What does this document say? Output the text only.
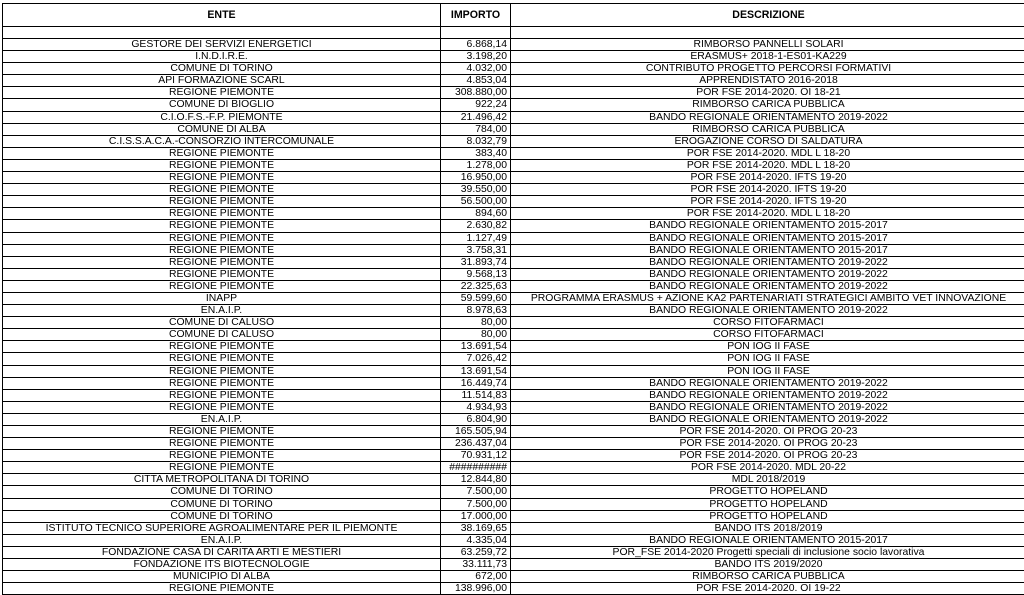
ENTE	IMPORTO	DESCRIZIONE

GESTORE DEI SERVIZI ENERGETICI	6.868,14	RIMBORSO PANNELLI SOLARI
I.N.D.I.R.E.	3.198,20	ERASMUS+ 2018-1-ES01-KA229
COMUNE DI TORINO	4.032,00	CONTRIBUTO PROGETTO PERCORSI FORMATIVI
API FORMAZIONE SCARL	4.853,04	APPRENDISTATO 2016-2018
REGIONE PIEMONTE	308.880,00	POR FSE 2014-2020. OI 18-21
COMUNE DI BIOGLIO	922,24	RIMBORSO CARICA PUBBLICA
C.I.O.F.S.-F.P. PIEMONTE	21.496,42	BANDO REGIONALE ORIENTAMENTO 2019-2022
COMUNE DI ALBA	784,00	RIMBORSO CARICA PUBBLICA
C.I.S.S.A.C.A.-CONSORZIO INTERCOMUNALE	8.032,79	EROGAZIONE CORSO DI SALDATURA
REGIONE PIEMONTE	383,40	POR FSE 2014-2020. MDL L 18-20
REGIONE PIEMONTE	1.278,00	POR FSE 2014-2020. MDL L 18-20
REGIONE PIEMONTE	16.950,00	POR FSE 2014-2020. IFTS 19-20
REGIONE PIEMONTE	39.550,00	POR FSE 2014-2020. IFTS 19-20
REGIONE PIEMONTE	56.500,00	POR FSE 2014-2020. IFTS 19-20
REGIONE PIEMONTE	894,60	POR FSE 2014-2020. MDL L 18-20
REGIONE PIEMONTE	2.630,82	BANDO REGIONALE ORIENTAMENTO 2015-2017
REGIONE PIEMONTE	1.127,49	BANDO REGIONALE ORIENTAMENTO 2015-2017
REGIONE PIEMONTE	3.758,31	BANDO REGIONALE ORIENTAMENTO 2015-2017
REGIONE PIEMONTE	31.893,74	BANDO REGIONALE ORIENTAMENTO 2019-2022
REGIONE PIEMONTE	9.568,13	BANDO REGIONALE ORIENTAMENTO 2019-2022
REGIONE PIEMONTE	22.325,63	BANDO REGIONALE ORIENTAMENTO 2019-2022
INAPP	59.599,60	PROGRAMMA ERASMUS + AZIONE KA2 PARTENARIATI STRATEGICI AMBITO VET INNOVAZIONE
EN.A.I.P.	8.978,63	BANDO REGIONALE ORIENTAMENTO 2019-2022
COMUNE DI CALUSO	80,00	CORSO FITOFARMACI
COMUNE DI CALUSO	80,00	CORSO FITOFARMACI
REGIONE PIEMONTE	13.691,54	PON IOG II FASE
REGIONE PIEMONTE	7.026,42	PON IOG II FASE
REGIONE PIEMONTE	13.691,54	PON IOG II FASE
REGIONE PIEMONTE	16.449,74	BANDO REGIONALE ORIENTAMENTO 2019-2022
REGIONE PIEMONTE	11.514,83	BANDO REGIONALE ORIENTAMENTO 2019-2022
REGIONE PIEMONTE	4.934,93	BANDO REGIONALE ORIENTAMENTO 2019-2022
EN.A.I.P.	6.804,90	BANDO REGIONALE ORIENTAMENTO 2019-2022
REGIONE PIEMONTE	165.505,94	POR FSE 2014-2020. OI PROG 20-23
REGIONE PIEMONTE	236.437,04	POR FSE 2014-2020. OI PROG 20-23
REGIONE PIEMONTE	70.931,12	POR FSE 2014-2020. OI PROG 20-23
REGIONE PIEMONTE	##########	POR FSE 2014-2020. MDL 20-22
CITTA METROPOLITANA DI TORINO	12.844,80	MDL 2018/2019
COMUNE DI TORINO	7.500,00	PROGETTO HOPELAND
COMUNE DI TORINO	7.500,00	PROGETTO HOPELAND
COMUNE DI TORINO	17.000,00	PROGETTO HOPELAND
ISTITUTO TECNICO SUPERIORE AGROALIMENTARE PER IL PIEMONTE	38.169,65	BANDO ITS 2018/2019
EN.A.I.P.	4.335,04	BANDO REGIONALE ORIENTAMENTO 2015-2017
FONDAZIONE CASA DI CARITA ARTI E MESTIERI	63.259,72	POR_FSE 2014-2020 Progetti speciali di inclusione socio lavorativa
FONDAZIONE ITS BIOTECNOLOGIE	33.111,73	BANDO ITS 2019/2020
MUNICIPIO DI ALBA	672,00	RIMBORSO CARICA PUBBLICA
REGIONE PIEMONTE	138.996,00	POR FSE 2014-2020. OI 19-22
